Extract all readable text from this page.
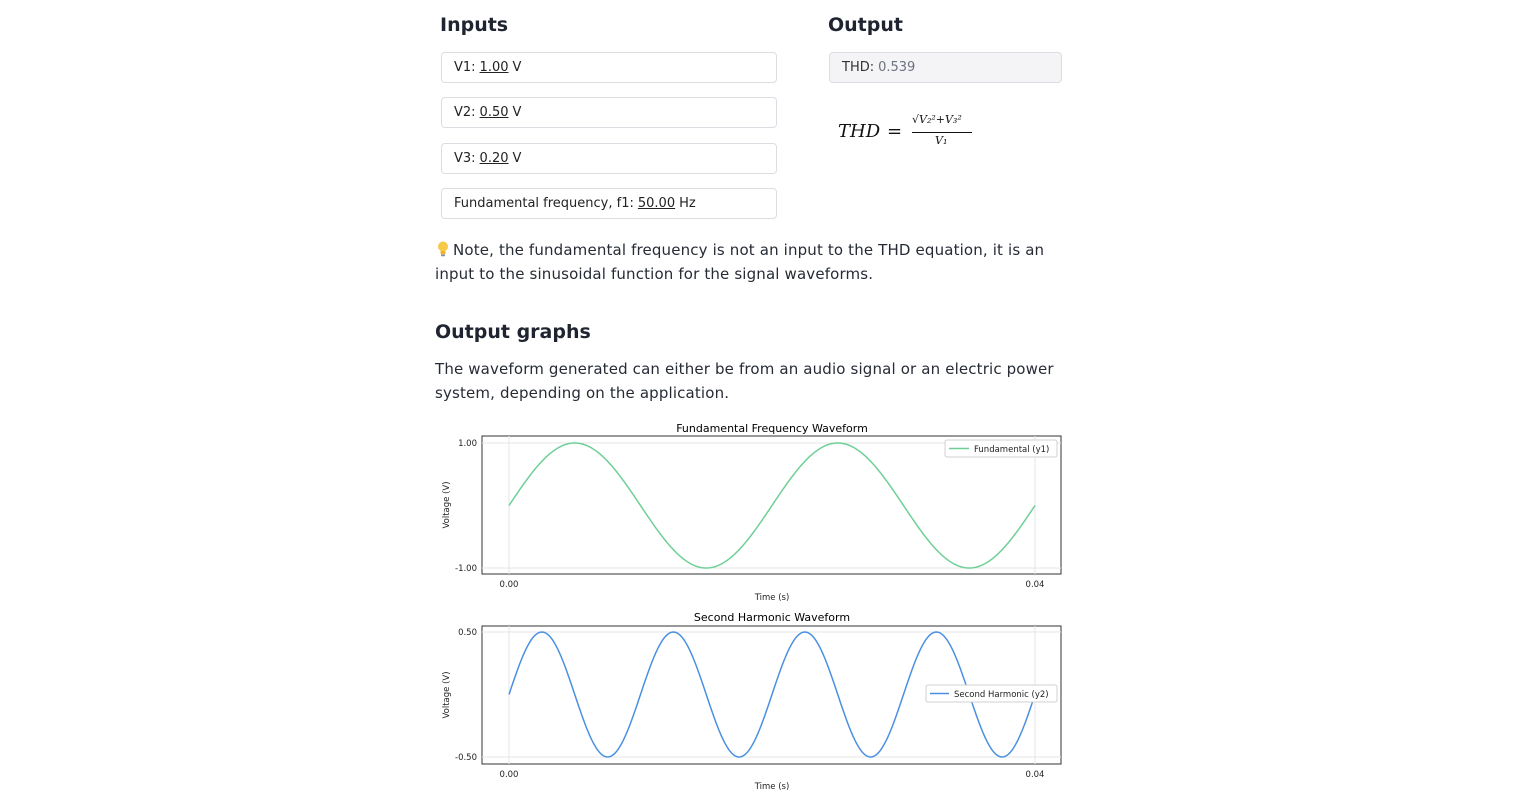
Inputs
V1: 1.00 V
V2: 0.50 V
V3: 0.20 V
Fundamental frequency, f1: 50.00 Hz
Output
THD: 0.539
THD =
√V₂²+V₃²
V₁
Note, the fundamental frequency is not an input to the THD equation, it is an input to the sinusoidal function for the signal waveforms.
Output graphs
The waveform generated can either be from an audio signal or an electric power system, depending on the application.
Fundamental Frequency Waveform
1.00
-1.00
0.00	0.04
Time (s)
Voltage (V)
Fundamental (y1)
Second Harmonic Waveform
0.50
-0.50
0.00	0.04
Time (s)
Voltage (V)	Second Harmonic (y2)
